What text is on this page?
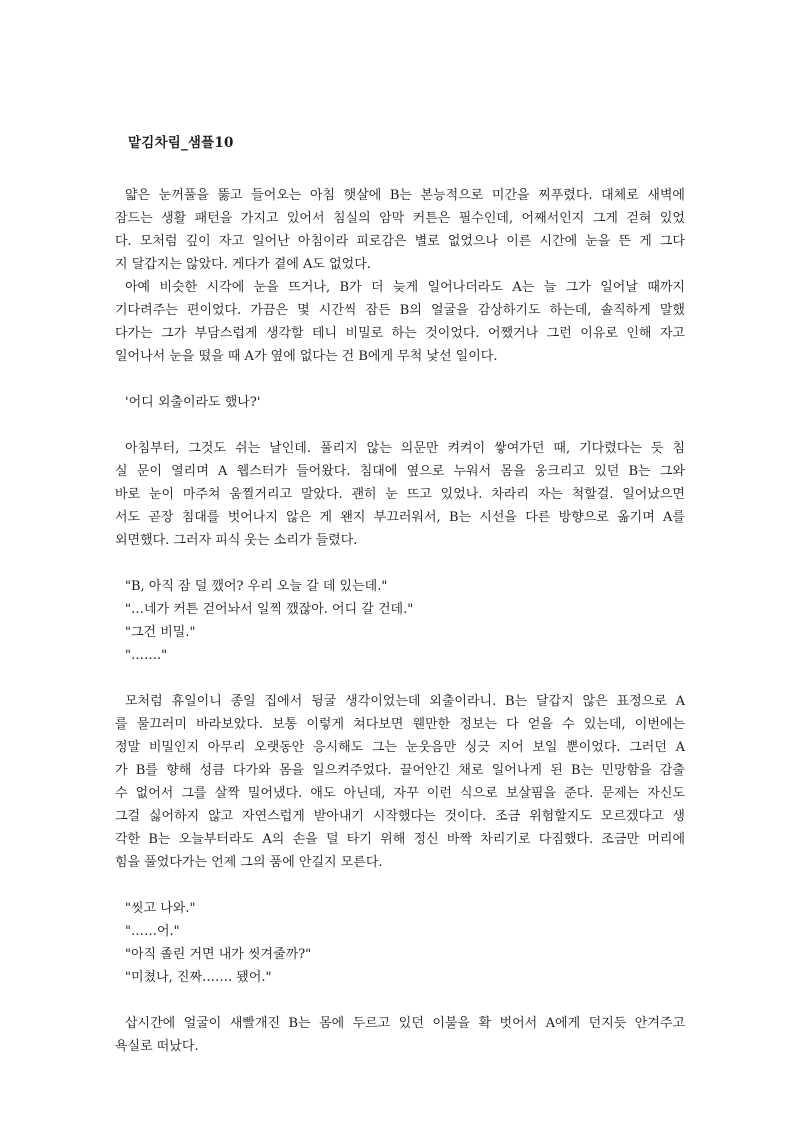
맡김차림_샘플10
얇은 눈꺼풀을 뚫고 들어오는 아침 햇살에 B는 본능적으로 미간을 찌푸렸다. 대체로 새벽에
잠드는 생활 패턴을 가지고 있어서 침실의 암막 커튼은 필수인데, 어째서인지 그게 걷혀 있었
다. 모처럼 깊이 자고 일어난 아침이라 피로감은 별로 없었으나 이른 시간에 눈을 뜬 게 그다
지 달갑지는 않았다. 게다가 곁에 A도 없었다.
아예 비슷한 시각에 눈을 뜨거나, B가 더 늦게 일어나더라도 A는 늘 그가 일어날 때까지
기다려주는 편이었다. 가끔은 몇 시간씩 잠든 B의 얼굴을 감상하기도 하는데, 솔직하게 말했
다가는 그가 부담스럽게 생각할 테니 비밀로 하는 것이었다. 어쨌거나 그런 이유로 인해 자고
일어나서 눈을 떴을 때 A가 옆에 없다는 건 B에게 무척 낯선 일이다.
'어디 외출이라도 했나?'
아침부터, 그것도 쉬는 날인데. 풀리지 않는 의문만 켜켜이 쌓여가던 때, 기다렸다는 듯 침
실 문이 열리며 A 웹스터가 들어왔다. 침대에 옆으로 누워서 몸을 웅크리고 있던 B는 그와
바로 눈이 마주쳐 움찔거리고 말았다. 괜히 눈 뜨고 있었나. 차라리 자는 척할걸. 일어났으면
서도 곧장 침대를 벗어나지 않은 게 왠지 부끄러워서, B는 시선을 다른 방향으로 옮기며 A를
외면했다. 그러자 피식 웃는 소리가 들렸다.
"B, 아직 잠 덜 깼어? 우리 오늘 갈 데 있는데."
"…네가 커튼 걷어놔서 일찍 깼잖아. 어디 갈 건데."
"그건 비밀."
"……."
모처럼 휴일이니 종일 집에서 뒹굴 생각이었는데 외출이라니. B는 달갑지 않은 표정으로 A
를 물끄러미 바라보았다. 보통 이렇게 쳐다보면 웬만한 정보는 다 얻을 수 있는데, 이번에는
정말 비밀인지 아무리 오랫동안 응시해도 그는 눈웃음만 싱긋 지어 보일 뿐이었다. 그러던 A
가 B를 향해 성큼 다가와 몸을 일으켜주었다. 끌어안긴 채로 일어나게 된 B는 민망함을 감출
수 없어서 그를 살짝 밀어냈다. 애도 아닌데, 자꾸 이런 식으로 보살핌을 준다. 문제는 자신도
그걸 싫어하지 않고 자연스럽게 받아내기 시작했다는 것이다. 조금 위험할지도 모르겠다고 생
각한 B는 오늘부터라도 A의 손을 덜 타기 위해 정신 바짝 차리기로 다짐했다. 조금만 머리에
힘을 풀었다가는 언제 그의 품에 안길지 모른다.
"씻고 나와."
"……어."
"아직 졸린 거면 내가 씻겨줄까?"
"미쳤나, 진짜……. 됐어."
삽시간에 얼굴이 새빨개진 B는 몸에 두르고 있던 이불을 확 벗어서 A에게 던지듯 안겨주고
욕실로 떠났다.
